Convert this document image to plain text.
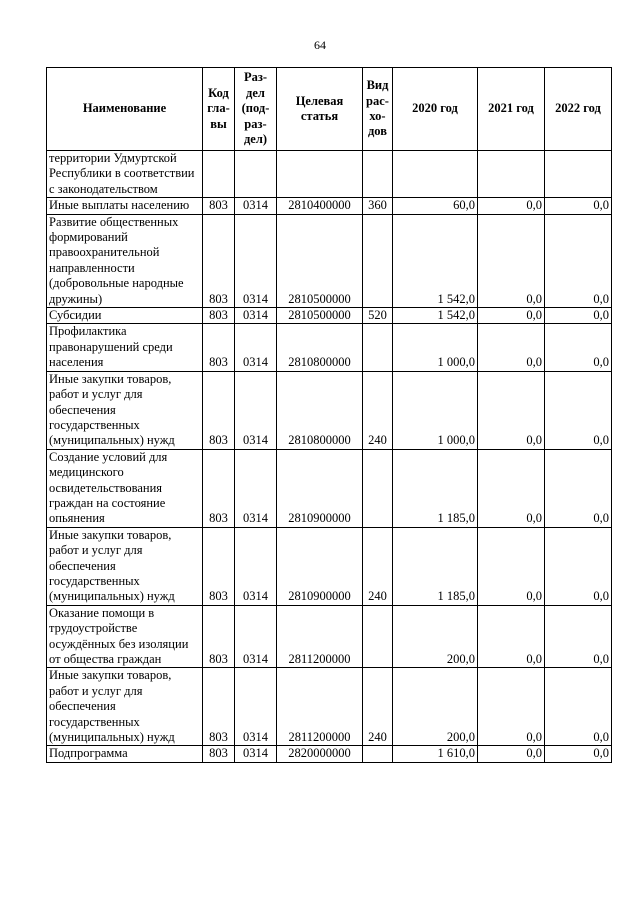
64
Наименование	Код гла-вы	Раз-дел (под-раз-дел)	Целевая статья	Вид рас-хо-дов	2020 год	2021 год	2022 год
территории Удмуртской Республики в соответствии с законодательством							
Иные выплаты населению	803	0314	2810400000	360	60,0	0,0	0,0
Развитие общественных формирований правоохранительной направленности (добровольные народные дружины)	803	0314	2810500000		1 542,0	0,0	0,0
Субсидии	803	0314	2810500000	520	1 542,0	0,0	0,0
Профилактика правонарушений среди населения	803	0314	2810800000		1 000,0	0,0	0,0
Иные закупки товаров, работ и услуг для обеспечения государственных (муниципальных) нужд	803	0314	2810800000	240	1 000,0	0,0	0,0
Создание условий для медицинского освидетельствования граждан на состояние опьянения	803	0314	2810900000		1 185,0	0,0	0,0
Иные закупки товаров, работ и услуг для обеспечения государственных (муниципальных) нужд	803	0314	2810900000	240	1 185,0	0,0	0,0
Оказание помощи в трудоустройстве осуждённых без изоляции от общества граждан	803	0314	2811200000		200,0	0,0	0,0
Иные закупки товаров, работ и услуг для обеспечения государственных (муниципальных) нужд	803	0314	2811200000	240	200,0	0,0	0,0
Подпрограмма	803	0314	2820000000		1 610,0	0,0	0,0
